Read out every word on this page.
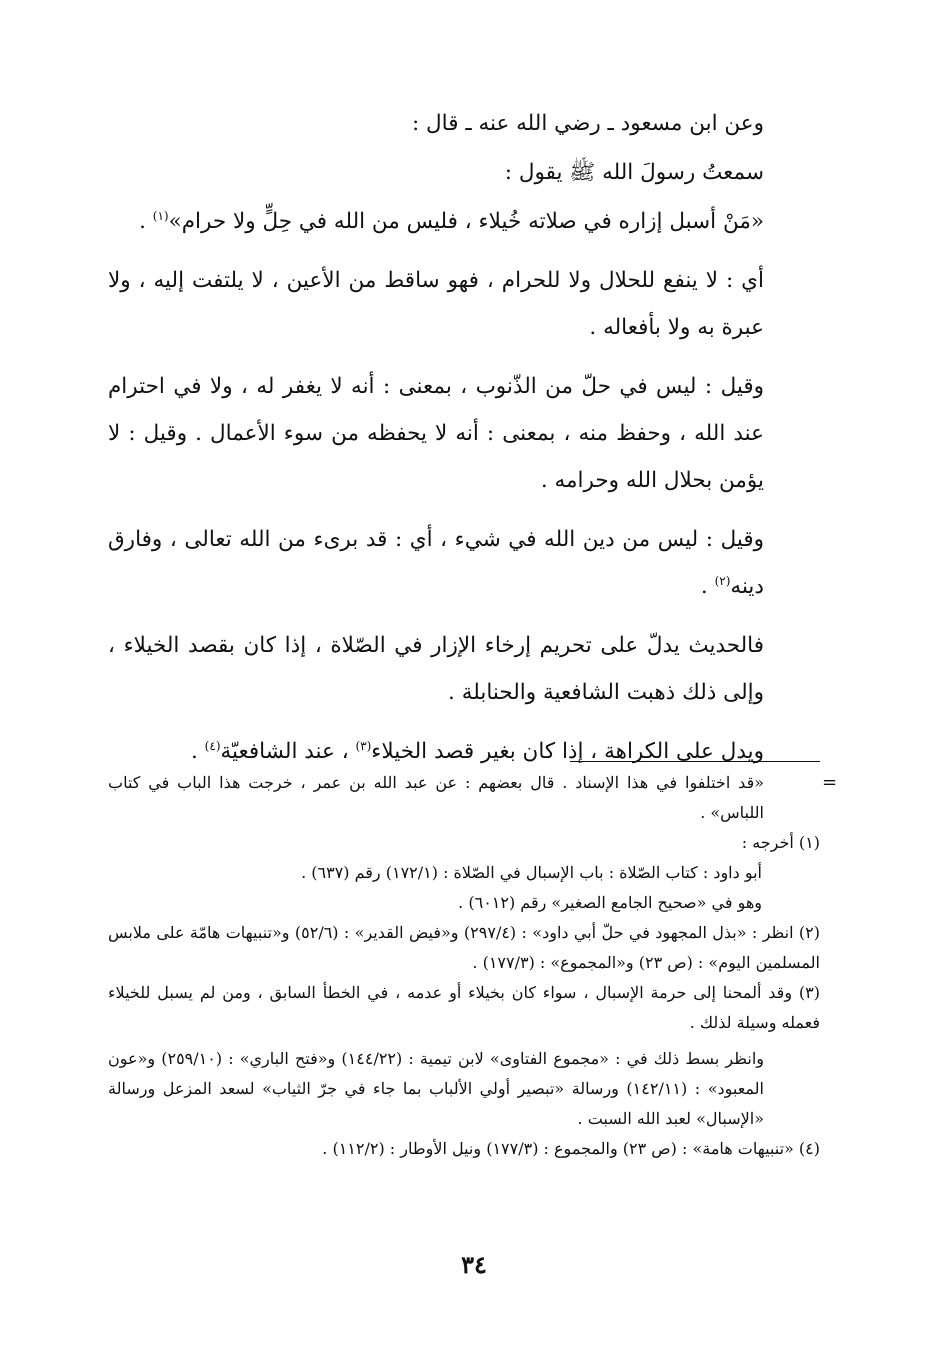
وعن ابن مسعود ـ رضي الله عنه ـ قال :

سمعتُ رسولَ الله ﷺ يقول :

«مَنْ أسبل إزاره في صلاته خُيلاء ، فليس من الله في حِلٍّ ولا حرام»$^{(١)}$ .

أي : لا ينفع للحلال ولا للحرام ، فهو ساقط من الأعين ، لا يلتفت إليه ، ولا عبرة به ولا بأفعاله .

وقيل : ليس في حلّ من الذّنوب ، بمعنى : أنه لا يغفر له ، ولا في احترام عند الله ، وحفظ منه ، بمعنى : أنه لا يحفظه من سوء الأعمال . وقيل : لا يؤمن بحلال الله وحرامه .

وقيل : ليس من دين الله في شيء ، أي : قد برىء من الله تعالى ، وفارق دينه$^{(٢)}$ .

فالحديث يدلّ على تحريم إرخاء الإزار في الصّلاة ، إذا كان بقصد الخيلاء ، وإلى ذلك ذهبت الشافعية والحنابلة .

ويدل على الكراهة ، إذا كان بغير قصد الخيلاء$^{(٣)}$ ، عند الشافعيّة$^{(٤)}$ .

=

«قد اختلفوا في هذا الإسناد . قال بعضهم : عن عبد الله بن عمر ، خرجت هذا الباب في كتاب اللباس» .

(١) أخرجه :

أبو داود : كتاب الصّلاة : باب الإسبال في الصّلاة : (١٧٢/١) رقم (٦٣٧) .

وهو في «صحيح الجامع الصغير» رقم (٦٠١٢) .

(٢) انظر : «بذل المجهود في حلّ أبي داود» : (٢٩٧/٤) و«فيض القدير» : (٥٢/٦) و«تنبيهات هامّة على ملابس المسلمين اليوم» : (ص ٢٣) و«المجموع» : (١٧٧/٣) .

(٣) وقد ألمحنا إلى حرمة الإسبال ، سواء كان بخيلاء أو عدمه ، في الخطأ السابق ، ومن لم يسبل للخيلاء فعمله وسيلة لذلك .

وانظر بسط ذلك في : «مجموع الفتاوى» لابن تيمية : (١٤٤/٢٢) و«فتح الباري» : (٢٥٩/١٠) و«عون المعبود» : (١٤٢/١١) ورسالة «تبصير أولي الألباب بما جاء في جرّ الثياب» لسعد المزعل ورسالة «الإسبال» لعبد الله السبت .

(٤) «تنبيهات هامة» : (ص ٢٣) والمجموع : (١٧٧/٣) ونيل الأوطار : (١١٢/٢) .

٣٤
